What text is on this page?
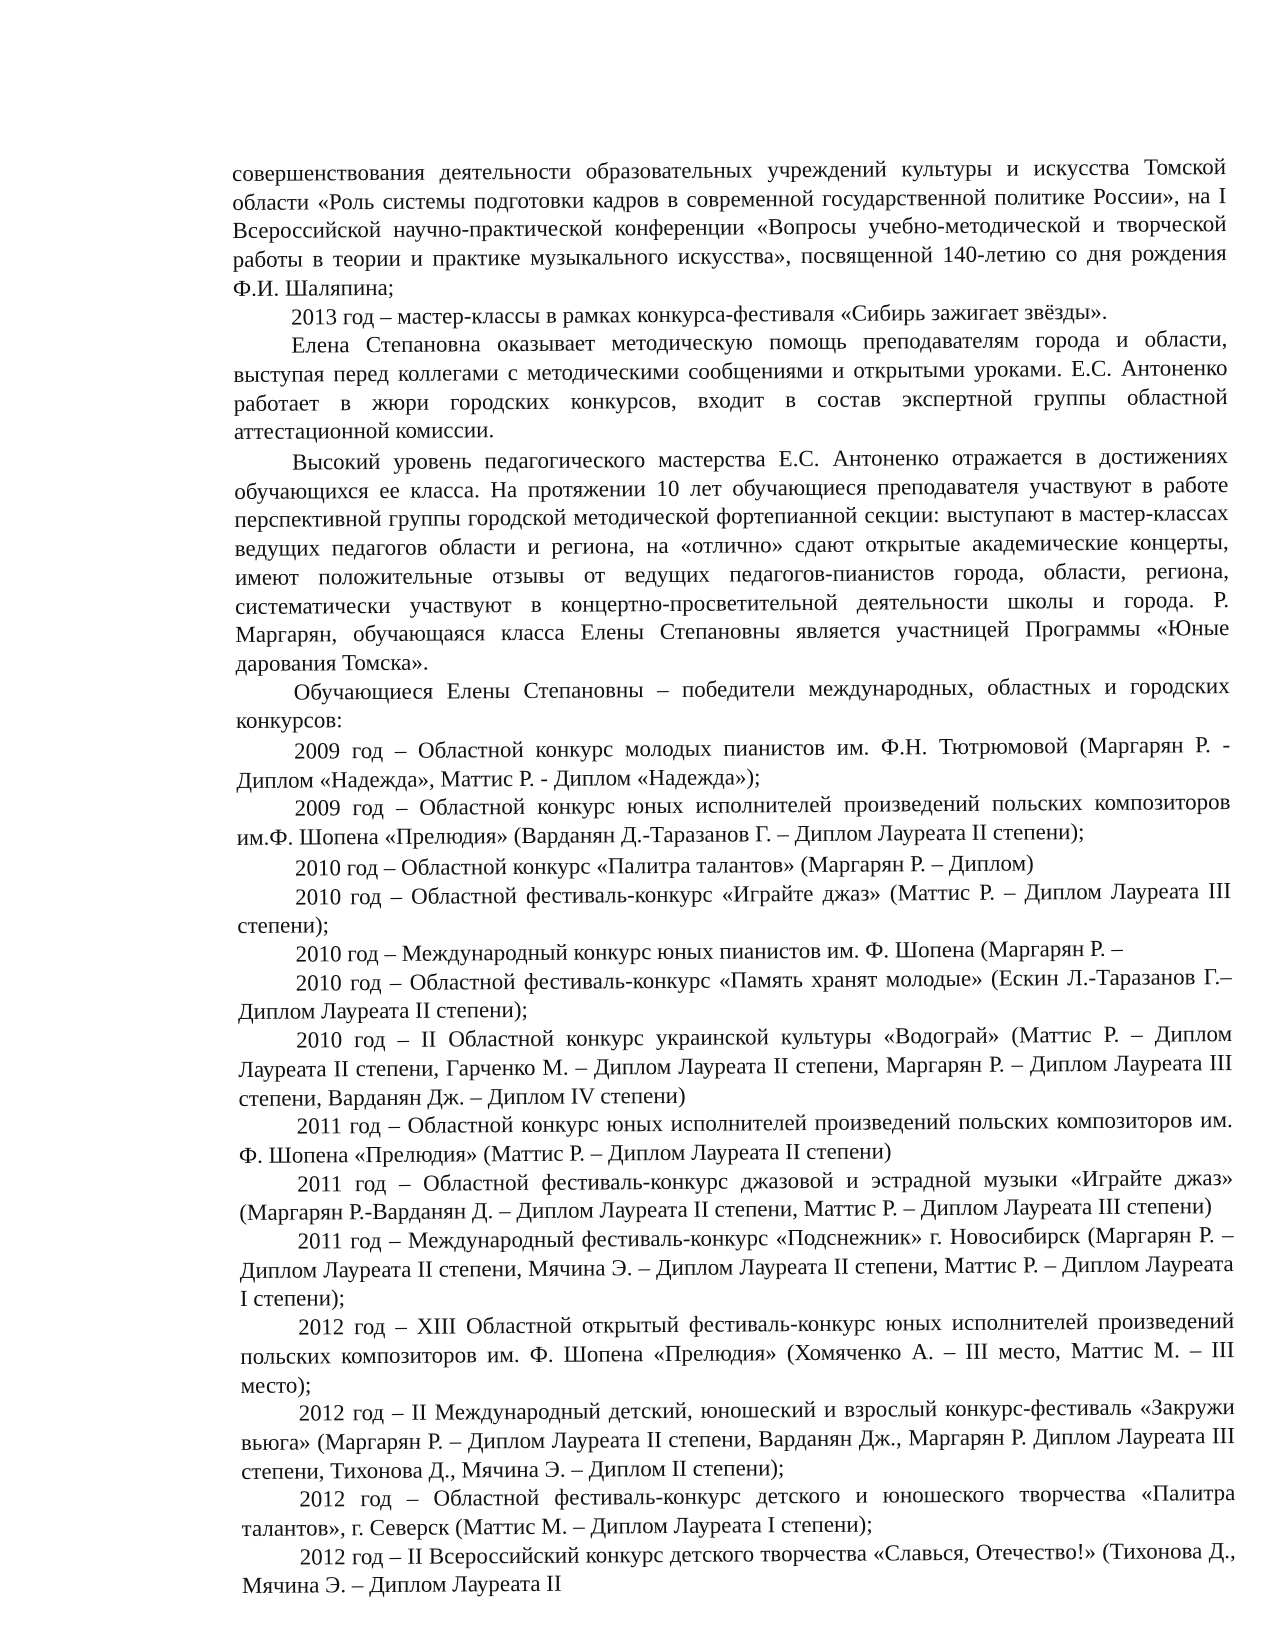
совершенствования деятельности образовательных учреждений культуры и искусства Томской области «Роль системы подготовки кадров в современной государственной политике России», на I Всероссийской научно-практической конференции «Вопросы учебно-методической и творческой работы в теории и практике музыкального искусства», посвященной 140-летию со дня рождения Ф.И. Шаляпина;

2013 год – мастер-классы в рамках конкурса-фестиваля «Сибирь зажигает звёзды».

Елена Степановна оказывает методическую помощь преподавателям города и области, выступая перед коллегами с методическими сообщениями и открытыми уроками. Е.С. Антоненко работает в жюри городских конкурсов, входит в состав экспертной группы областной аттестационной комиссии.

Высокий уровень педагогического мастерства Е.С. Антоненко отражается в достижениях обучающихся ее класса. На протяжении 10 лет обучающиеся преподавателя участвуют в работе перспективной группы городской методической фортепианной секции: выступают в мастер-классах ведущих педагогов области и региона, на «отлично» сдают открытые академические концерты, имеют положительные отзывы от ведущих педагогов-пианистов города, области, региона, систематически участвуют в концертно-просветительной деятельности школы и города. Р. Маргарян, обучающаяся класса Елены Степановны является участницей Программы «Юные дарования Томска».

Обучающиеся Елены Степановны – победители международных, областных и городских конкурсов:

2009 год – Областной конкурс молодых пианистов им. Ф.Н. Тютрюмовой (Маргарян Р. - Диплом «Надежда», Маттис Р. - Диплом «Надежда»);

2009 год – Областной конкурс юных исполнителей произведений польских композиторов им.Ф. Шопена «Прелюдия» (Варданян Д.-Таразанов Г. – Диплом Лауреата II степени);

2010 год – Областной конкурс «Палитра талантов» (Маргарян Р. – Диплом)

2010 год – Областной фестиваль-конкурс «Играйте джаз» (Маттис Р. – Диплом Лауреата III степени);

2010 год – Международный конкурс юных пианистов им. Ф. Шопена (Маргарян Р. –

2010 год – Областной фестиваль-конкурс «Память хранят молодые» (Ескин Л.-Таразанов Г.– Диплом Лауреата II степени);

2010 год – II Областной конкурс украинской культуры «Водограй» (Маттис Р. – Диплом Лауреата II степени, Гарченко М. – Диплом Лауреата II степени, Маргарян Р. – Диплом Лауреата III степени, Варданян Дж. – Диплом IV степени)

2011 год – Областной конкурс юных исполнителей произведений польских композиторов им. Ф. Шопена «Прелюдия» (Маттис Р. – Диплом Лауреата II степени)

2011 год – Областной фестиваль-конкурс джазовой и эстрадной музыки «Играйте джаз» (Маргарян Р.-Варданян Д. – Диплом Лауреата II степени, Маттис Р. – Диплом Лауреата III степени)

2011 год – Международный фестиваль-конкурс «Подснежник» г. Новосибирск (Маргарян Р. – Диплом Лауреата II степени, Мячина Э. – Диплом Лауреата II степени, Маттис Р. – Диплом Лауреата I степени);

2012 год – XIII Областной открытый фестиваль-конкурс юных исполнителей произведений польских композиторов им. Ф. Шопена «Прелюдия» (Хомяченко А. – III место, Маттис М. – III место);

2012 год – II Международный детский, юношеский и взрослый конкурс-фестиваль «Закружи вьюга» (Маргарян Р. – Диплом Лауреата II степени, Варданян Дж., Маргарян Р. Диплом Лауреата III степени, Тихонова Д., Мячина Э. – Диплом II степени);

2012 год – Областной фестиваль-конкурс детского и юношеского творчества «Палитра талантов», г. Северск (Маттис М. – Диплом Лауреата I степени);

2012 год – II Всероссийский конкурс детского творчества «Славься, Отечество!» (Тихонова Д., Мячина Э. – Диплом Лауреата II
